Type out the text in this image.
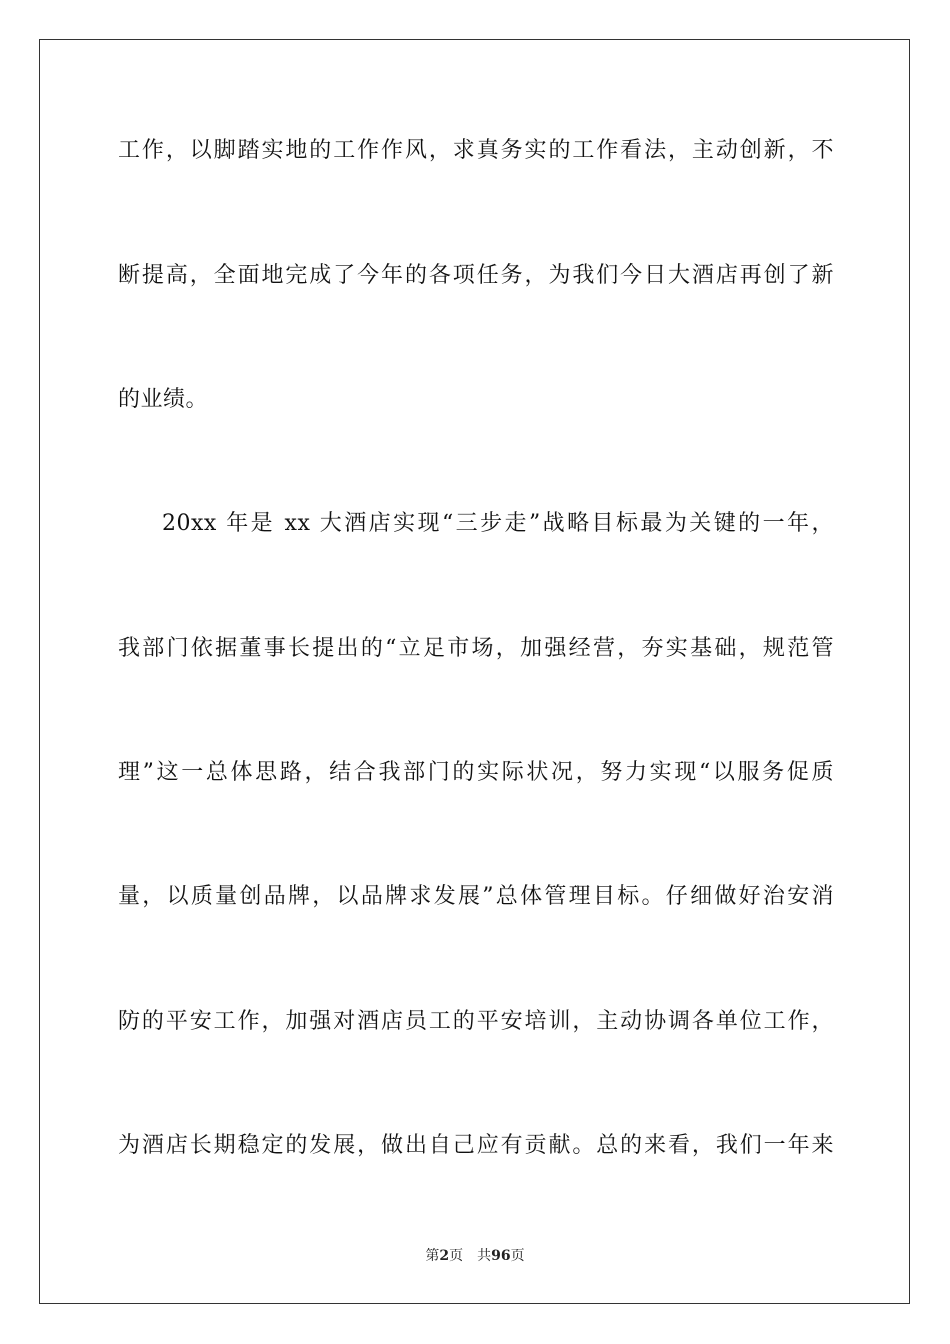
工作，以脚踏实地的工作作风，求真务实的工作看法，主动创新，不
断提高，全面地完成了今年的各项任务，为我们今日大酒店再创了新
的业绩。
20xx 年是 xx 大酒店实现“三步走”战略目标最为关键的一年，
我部门依据董事长提出的“立足市场，加强经营，夯实基础，规范管
理”这一总体思路，结合我部门的实际状况，努力实现“以服务促质
量，以质量创品牌，以品牌求发展”总体管理目标。仔细做好治安消
防的平安工作，加强对酒店员工的平安培训，主动协调各单位工作，
为酒店长期稳定的发展，做出自己应有贡献。总的来看，我们一年来
第2页 共96页
